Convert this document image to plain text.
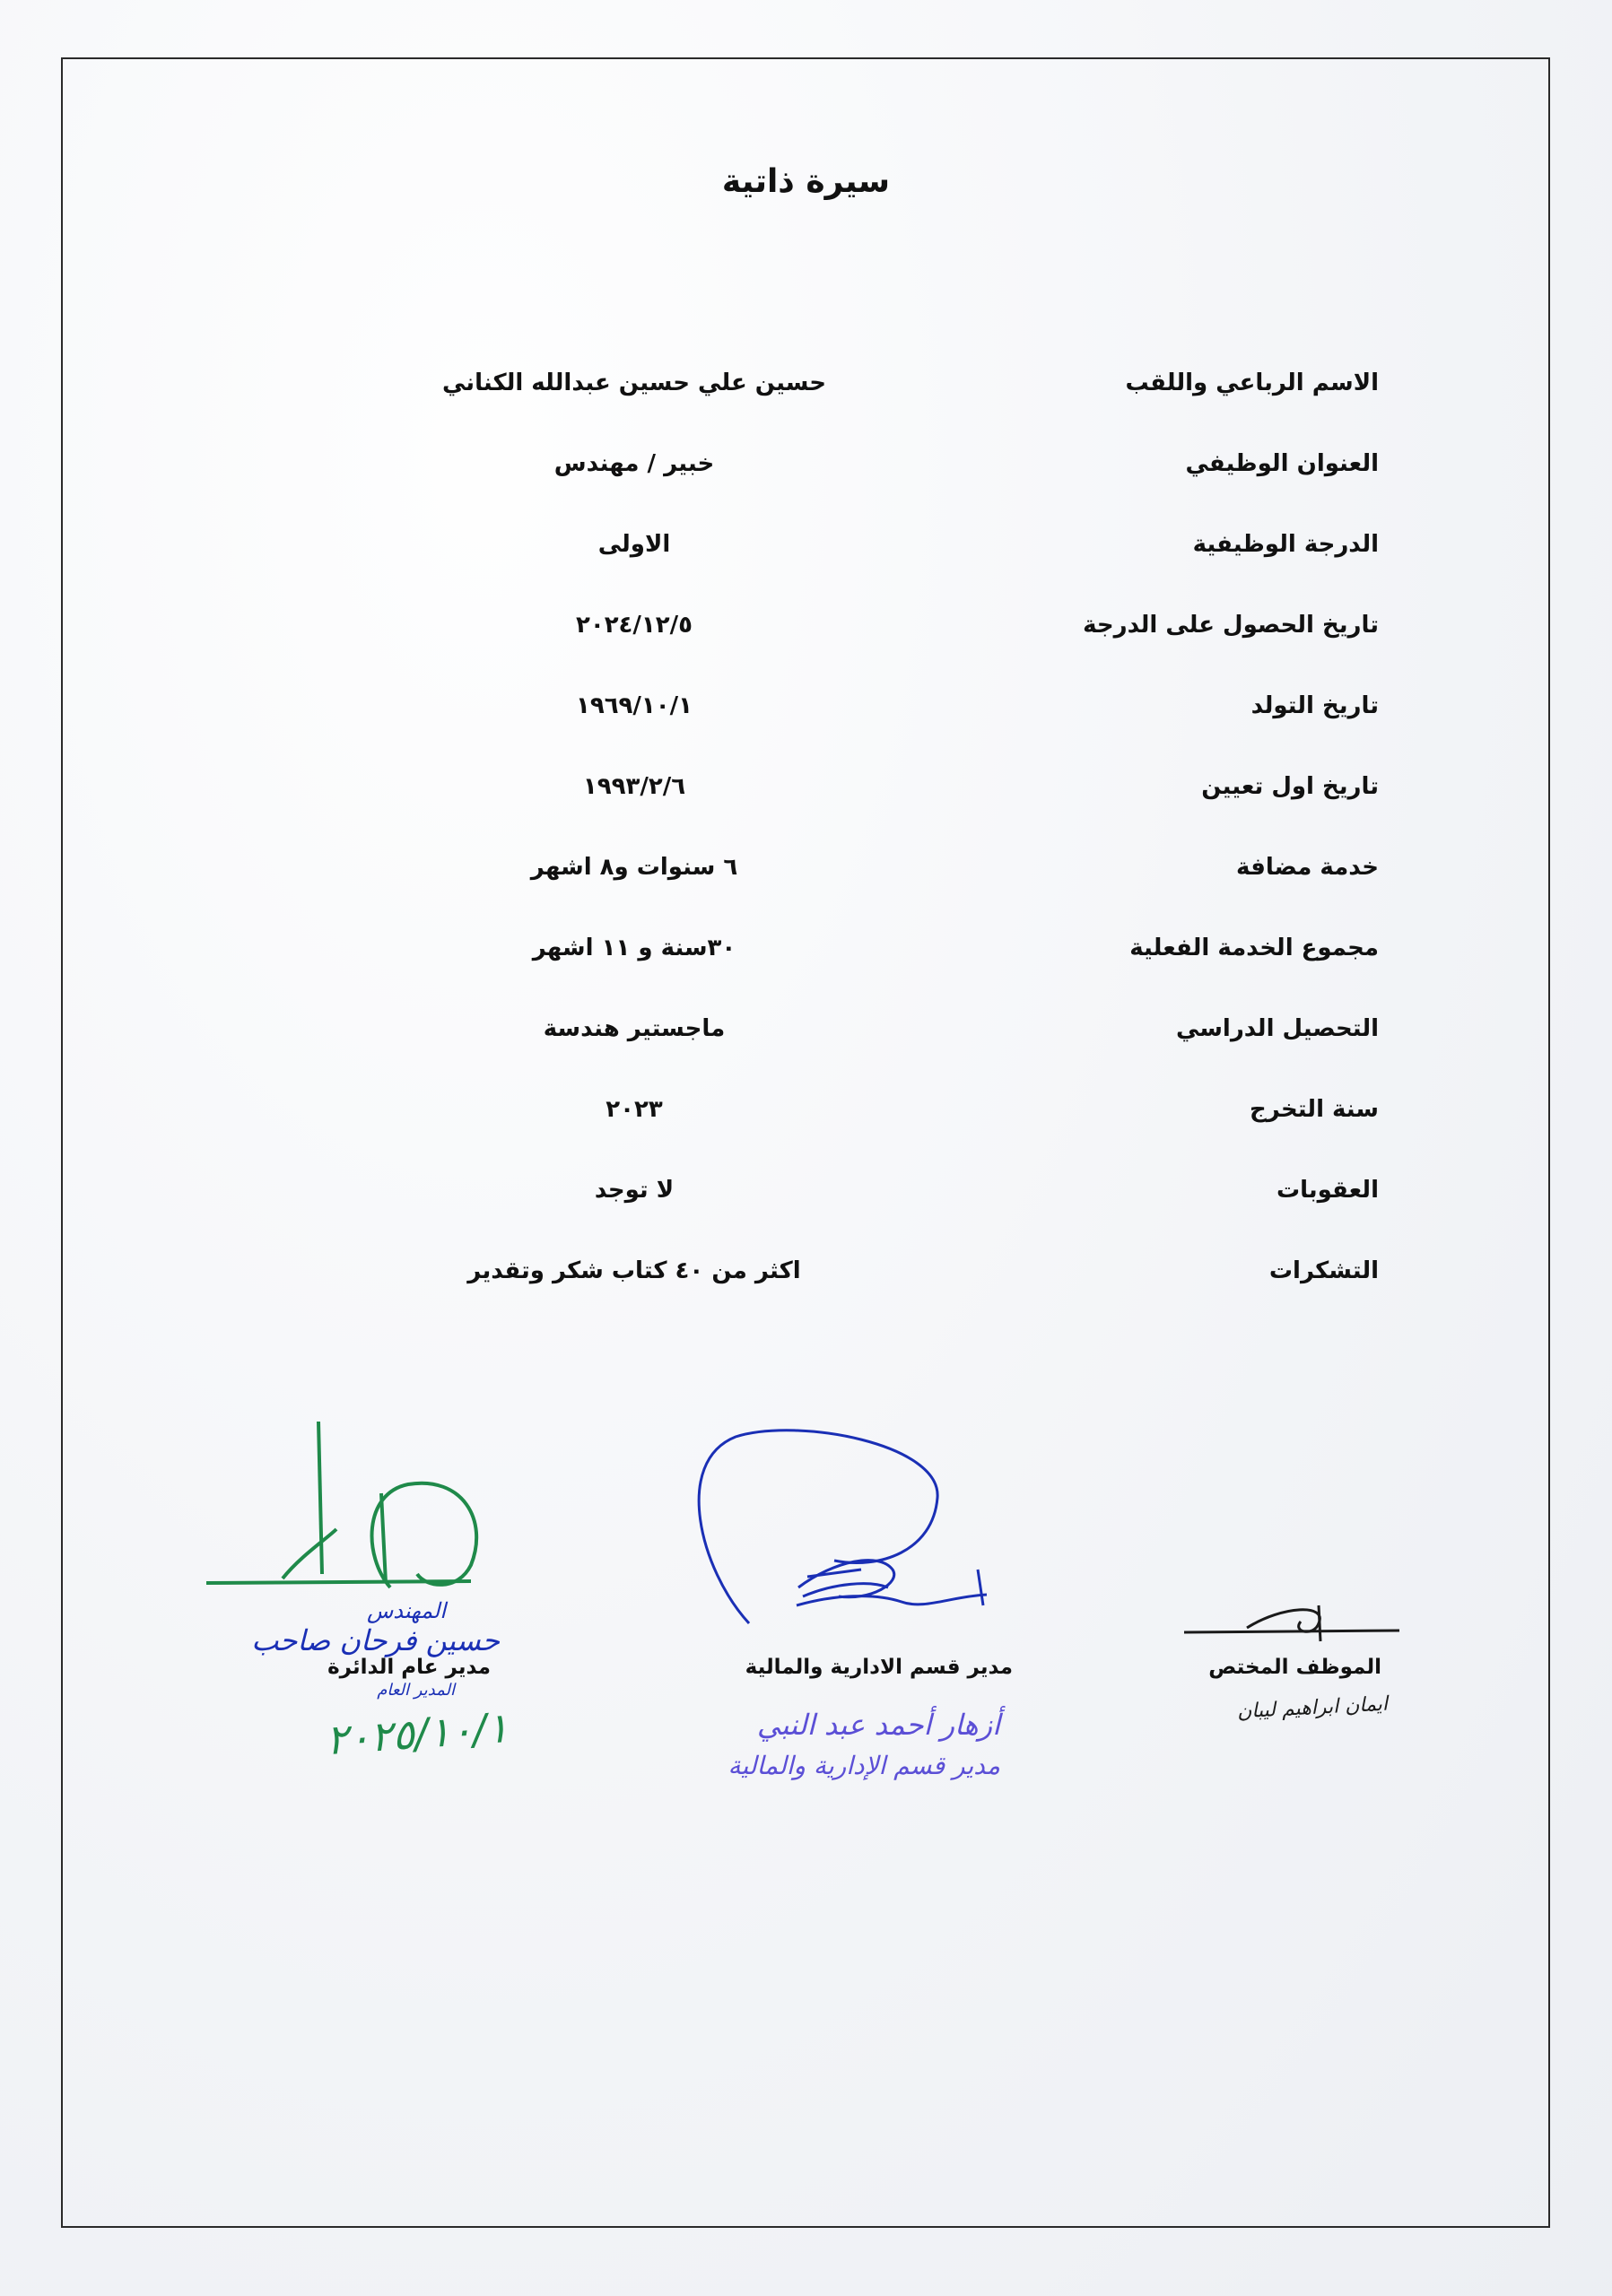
سيرة ذاتية
الاسم الرباعي واللقب
حسين علي حسين عبدالله الكناني
العنوان الوظيفي
خبير / مهندس
الدرجة الوظيفية
الاولى
تاريخ الحصول على الدرجة
٢٠٢٤/١٢/٥
تاريخ التولد
١٩٦٩/١٠/١
تاريخ اول تعيين
١٩٩٣/٢/٦
خدمة مضافة
٦ سنوات و٨ اشهر
مجموع الخدمة الفعلية
٣٠سنة و ١١ اشهر
التحصيل الدراسي
ماجستير هندسة
سنة التخرج
٢٠٢٣
العقوبات
لا توجد
التشكرات
اكثر من ٤٠ كتاب شكر وتقدير
الموظف المختص
ايمان ابراهيم ليبان
مدير قسم الادارية والمالية
أزهار أحمد عبد النبي
مدير قسم الإدارية والمالية
المهندس
حسين فرحان صاحب
مدير عام الدائرة
المدير العام
٢٠٢٥/١٠/١
